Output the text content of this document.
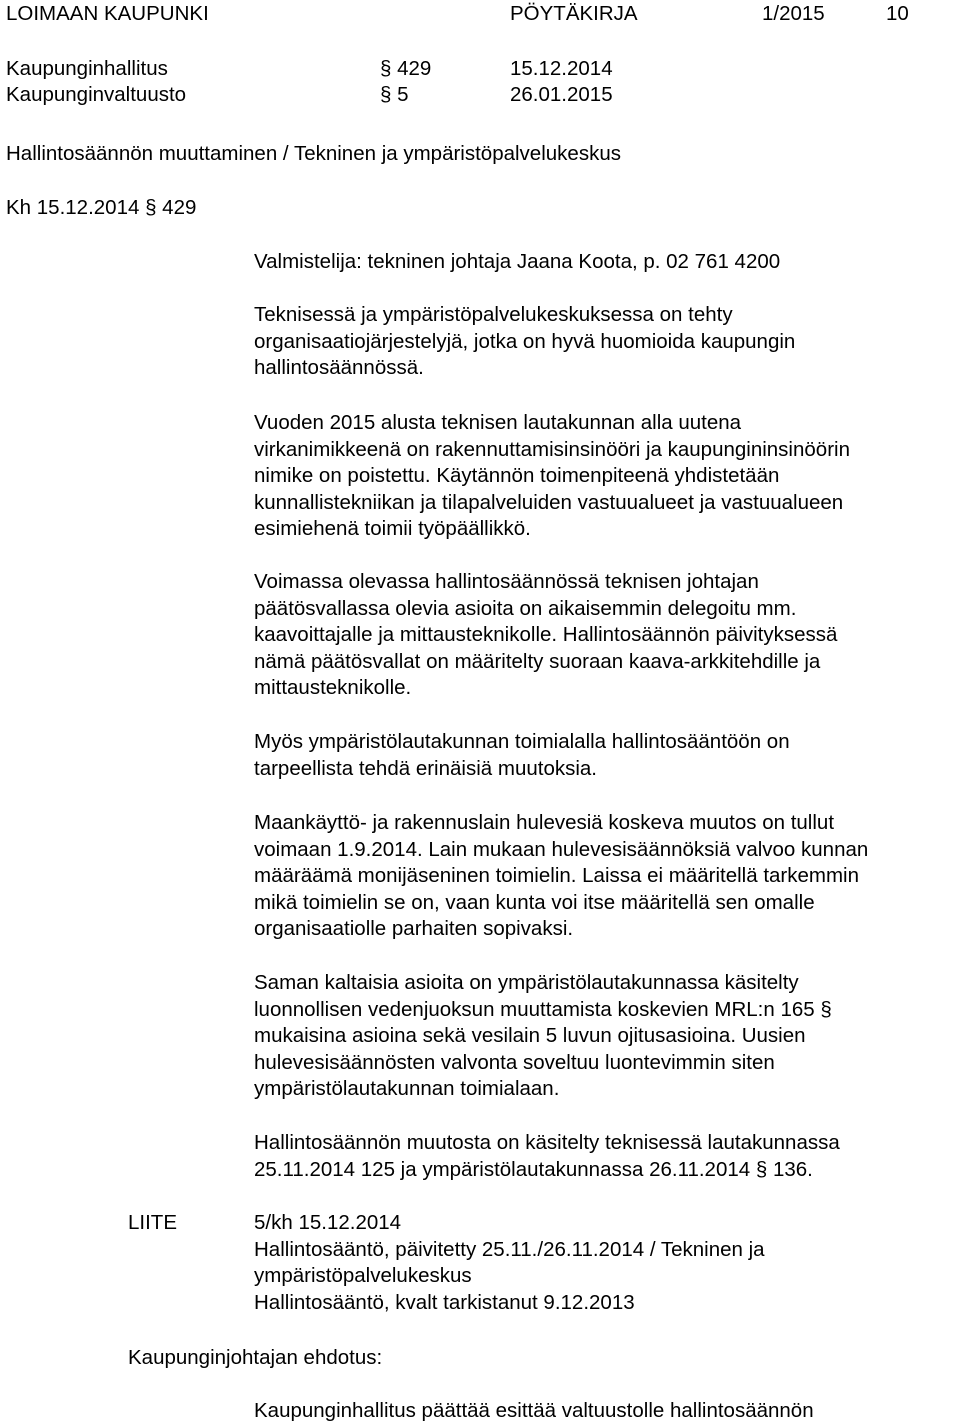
LOIMAAN KAUPUNKI	PÖYTÄKIRJA	1/2015	10
Kaupunginhallitus	§ 429	15.12.2014
Kaupunginvaltuusto	§ 5	26.01.2015
Hallintosäännön muuttaminen / Tekninen ja ympäristöpalvelukeskus
Kh 15.12.2014 § 429
Valmistelija: tekninen johtaja Jaana Koota, p. 02 761 4200
Teknisessä ja ympäristöpalvelukeskuksessa on tehty
organisaatiojärjestelyjä, jotka on hyvä huomioida kaupungin
hallintosäännössä.
Vuoden 2015 alusta teknisen lautakunnan alla uutena
virkanimikkeenä on rakennuttamisinsinööri ja kaupungininsinöörin
nimike on poistettu. Käytännön toimenpiteenä yhdistetään
kunnallistekniikan ja tilapalveluiden vastuualueet ja vastuualueen
esimiehenä toimii työpäällikkö.
Voimassa olevassa hallintosäännössä teknisen johtajan
päätösvallassa olevia asioita on aikaisemmin delegoitu mm.
kaavoittajalle ja mittausteknikolle. Hallintosäännön päivityksessä
nämä päätösvallat on määritelty suoraan kaava-arkkitehdille ja
mittausteknikolle.
Myös ympäristölautakunnan toimialalla hallintosääntöön on
tarpeellista tehdä erinäisiä muutoksia.
Maankäyttö- ja rakennuslain hulevesiä koskeva muutos on tullut
voimaan 1.9.2014. Lain mukaan hulevesisäännöksiä valvoo kunnan
määräämä monijäseninen toimielin. Laissa ei määritellä tarkemmin
mikä toimielin se on, vaan kunta voi itse määritellä sen omalle
organisaatiolle parhaiten sopivaksi.
Saman kaltaisia asioita on ympäristölautakunnassa käsitelty
luonnollisen vedenjuoksun muuttamista koskevien MRL:n 165 §
mukaisina asioina sekä vesilain 5 luvun ojitusasioina. Uusien
hulevesisäännösten valvonta soveltuu luontevimmin siten
ympäristölautakunnan toimialaan.
Hallintosäännön muutosta on käsitelty teknisessä lautakunnassa
25.11.2014 125 ja ympäristölautakunnassa 26.11.2014 § 136.
LIITE	5/kh 15.12.2014
Hallintosääntö, päivitetty 25.11./26.11.2014 / Tekninen ja
ympäristöpalvelukeskus
Hallintosääntö, kvalt tarkistanut 9.12.2013
Kaupunginjohtajan ehdotus:
Kaupunginhallitus päättää esittää valtuustolle hallintosäännön
